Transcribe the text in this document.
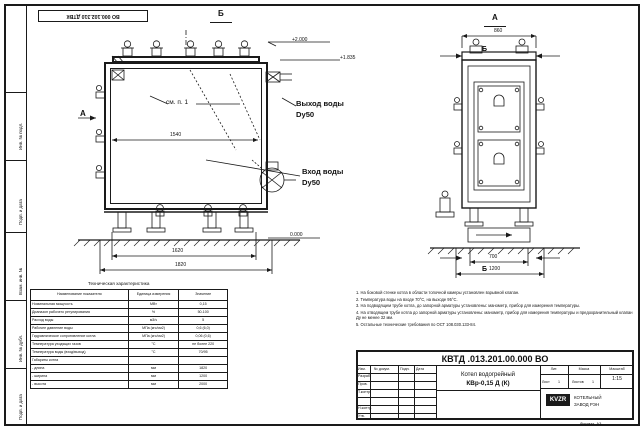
Инв. № подл.
Подп. и дата
Взам. инв. №
Инв. № дубл.
Подп. и дата
ВО 000.102.310 ДТВК	Б
+2.000
+1.835
0.000
1540
1620
1820
А
см. п. 1	Выход воды
Dу50
Вход воды
Dу50
А
860
700
1200
Б
Б
Техническая характеристика
Наименование показателя	Единица измерения	Значение
Номинальная мощность	МВт	0,15
Диапазон рабочего регулирования	%	50-100
Расход воды	м3/ч	5
Рабочее давление воды	МПа (кгс/см2)	0,6 (6,0)
Гидравлическое сопротивление котла	МПа (кгс/см2)	0,06 (0,6)
Температура уходящих газов	°С	не более 220
Температура воды (вход/выход)	°С	70/95
Габариты котла		
- длина	мм	1820
- ширина	мм	1200
- высота	мм	2000
1. На боковой стенке котла в области топочной камеры установлен взрывной клапан.
2. Температура воды на входе 70°С, на выходе 95°С.
3. На подводящем трубе котла, до запорной арматуры установлены: манометр, прибор для измерения температуры.
4. На отводящем трубе котла до запорной арматуры установлены: манометр, прибор для измерения температуры и предохранительный клапан Ду не менее 32 мм.
5. Остальные технические требования по ОСТ 108.030.133-84.
КВТД .013.201.00.000 ВО
Изм. № докум.	Подп. Дата
Разраб.
Пров.
Т.контр.
Н.контр.
Утв.
Котел водогрейный
КВр-0,15 Д (К)
Лит.	Масса	Масштаб
1:15
Лист 1	Листов 1
KVZR	КОТЕЛЬНЫЙ
ЗАВОД РЭН
Формат  А3
